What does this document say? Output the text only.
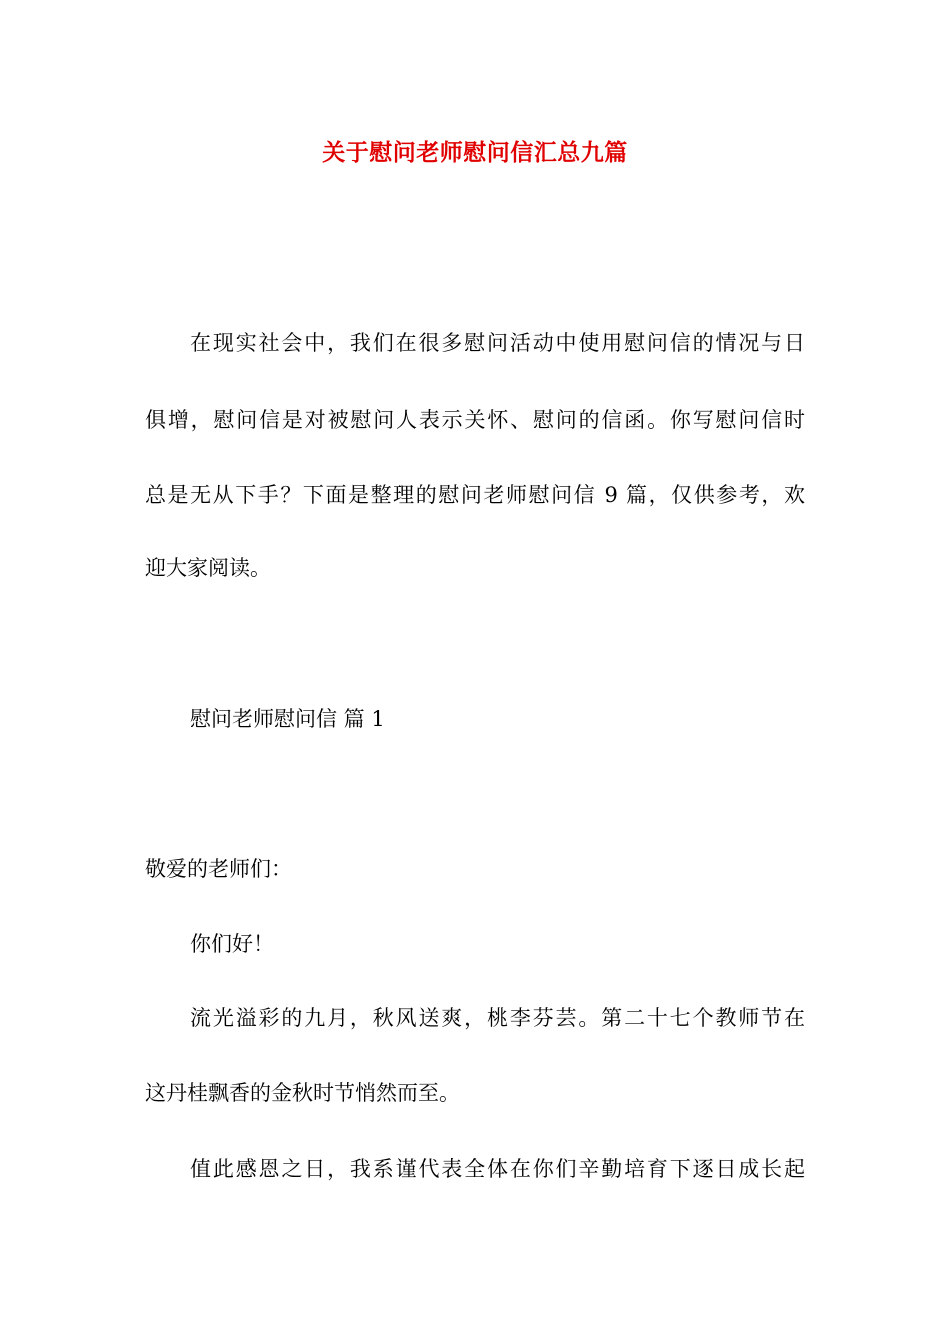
关于慰问老师慰问信汇总九篇
在现实社会中，我们在很多慰问活动中使用慰问信的情况与日
俱增，慰问信是对被慰问人表示关怀、慰问的信函。你写慰问信时
总是无从下手？下面是整理的慰问老师慰问信 9 篇，仅供参考，欢
迎大家阅读。
慰问老师慰问信 篇 1
敬爱的老师们：
你们好！
流光溢彩的九月，秋风送爽，桃李芬芸。第二十七个教师节在
这丹桂飘香的金秋时节悄然而至。
值此感恩之日，我系谨代表全体在你们辛勤培育下逐日成长起
